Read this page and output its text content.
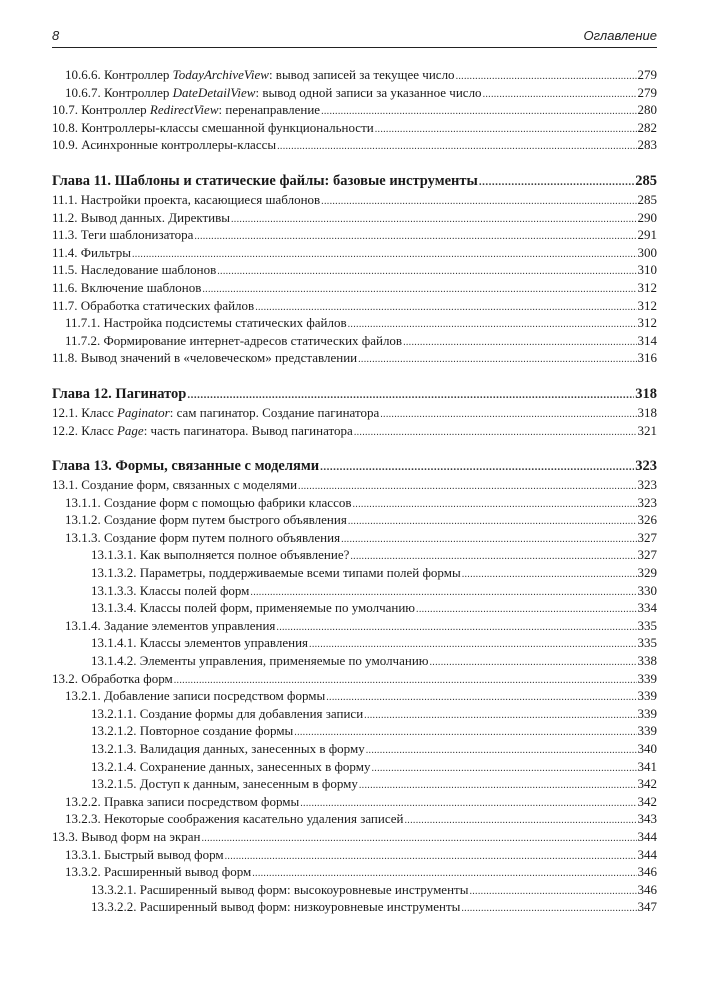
8	Оглавление
10.6.6. Контроллер TodayArchiveView: вывод записей за текущее число .....	279
10.6.7. Контроллер DateDetailView: вывод одной записи за указанное число .....	279
10.7. Контроллер RedirectView: перенаправление .....	280
10.8. Контроллеры-классы смешанной функциональности .....	282
10.9. Асинхронные контроллеры-классы .....	283
Глава 11. Шаблоны и статические файлы: базовые инструменты .....	285
11.1. Настройки проекта, касающиеся шаблонов .....	285
11.2. Вывод данных. Директивы .....	290
11.3. Теги шаблонизатора .....	291
11.4. Фильтры .....	300
11.5. Наследование шаблонов .....	310
11.6. Включение шаблонов .....	312
11.7. Обработка статических файлов .....	312
11.7.1. Настройка подсистемы статических файлов .....	312
11.7.2. Формирование интернет-адресов статических файлов .....	314
11.8. Вывод значений в «человеческом» представлении .....	316
Глава 12. Пагинатор .....	318
12.1. Класс Paginator: сам пагинатор. Создание пагинатора .....	318
12.2. Класс Page: часть пагинатора. Вывод пагинатора .....	321
Глава 13. Формы, связанные с моделями .....	323
13.1. Создание форм, связанных с моделями .....	323
13.1.1. Создание форм с помощью фабрики классов .....	323
13.1.2. Создание форм путем быстрого объявления .....	326
13.1.3. Создание форм путем полного объявления .....	327
13.1.3.1. Как выполняется полное объявление? .....	327
13.1.3.2. Параметры, поддерживаемые всеми типами полей формы .....	329
13.1.3.3. Классы полей форм .....	330
13.1.3.4. Классы полей форм, применяемые по умолчанию .....	334
13.1.4. Задание элементов управления .....	335
13.1.4.1. Классы элементов управления .....	335
13.1.4.2. Элементы управления, применяемые по умолчанию .....	338
13.2. Обработка форм .....	339
13.2.1. Добавление записи посредством формы .....	339
13.2.1.1. Создание формы для добавления записи .....	339
13.2.1.2. Повторное создание формы .....	339
13.2.1.3. Валидация данных, занесенных в форму .....	340
13.2.1.4. Сохранение данных, занесенных в форму .....	341
13.2.1.5. Доступ к данным, занесенным в форму .....	342
13.2.2. Правка записи посредством формы .....	342
13.2.3. Некоторые соображения касательно удаления записей .....	343
13.3. Вывод форм на экран .....	344
13.3.1. Быстрый вывод форм .....	344
13.3.2. Расширенный вывод форм .....	346
13.3.2.1. Расширенный вывод форм: высокоуровневые инструменты .....	346
13.3.2.2. Расширенный вывод форм: низкоуровневые инструменты .....	347
